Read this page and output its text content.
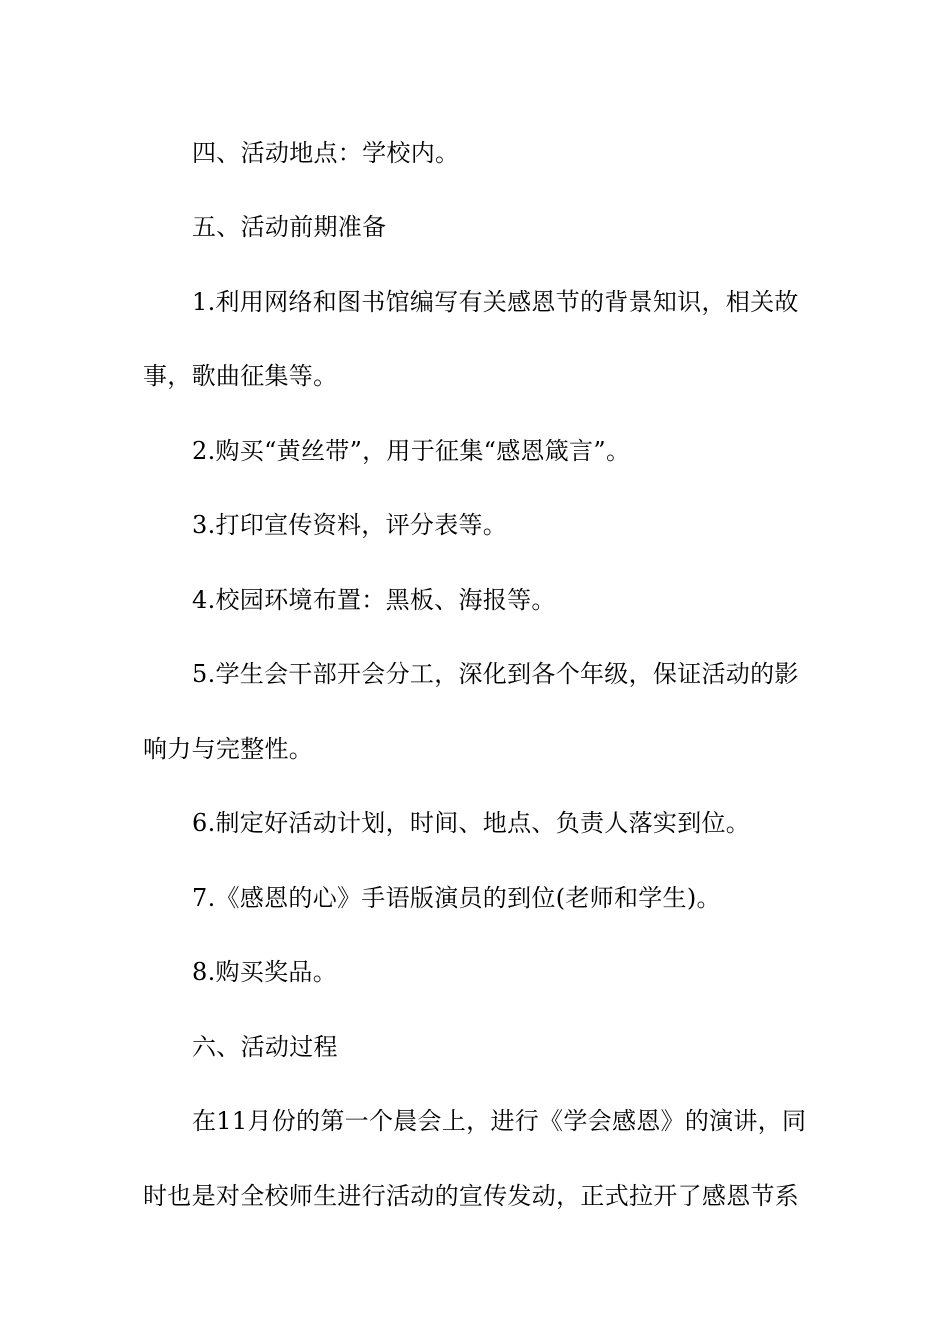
四、活动地点：学校内。
五、活动前期准备
1.利用网络和图书馆编写有关感恩节的背景知识，相关故
事，歌曲征集等。
2.购买“黄丝带”，用于征集“感恩箴言”。
3.打印宣传资料，评分表等。
4.校园环境布置：黑板、海报等。
5.学生会干部开会分工，深化到各个年级，保证活动的影
响力与完整性。
6.制定好活动计划，时间、地点、负责人落实到位。
7.《感恩的心》手语版演员的到位(老师和学生)。
8.购买奖品。
六、活动过程
在11月份的第一个晨会上，进行《学会感恩》的演讲，同
时也是对全校师生进行活动的宣传发动，正式拉开了感恩节系
